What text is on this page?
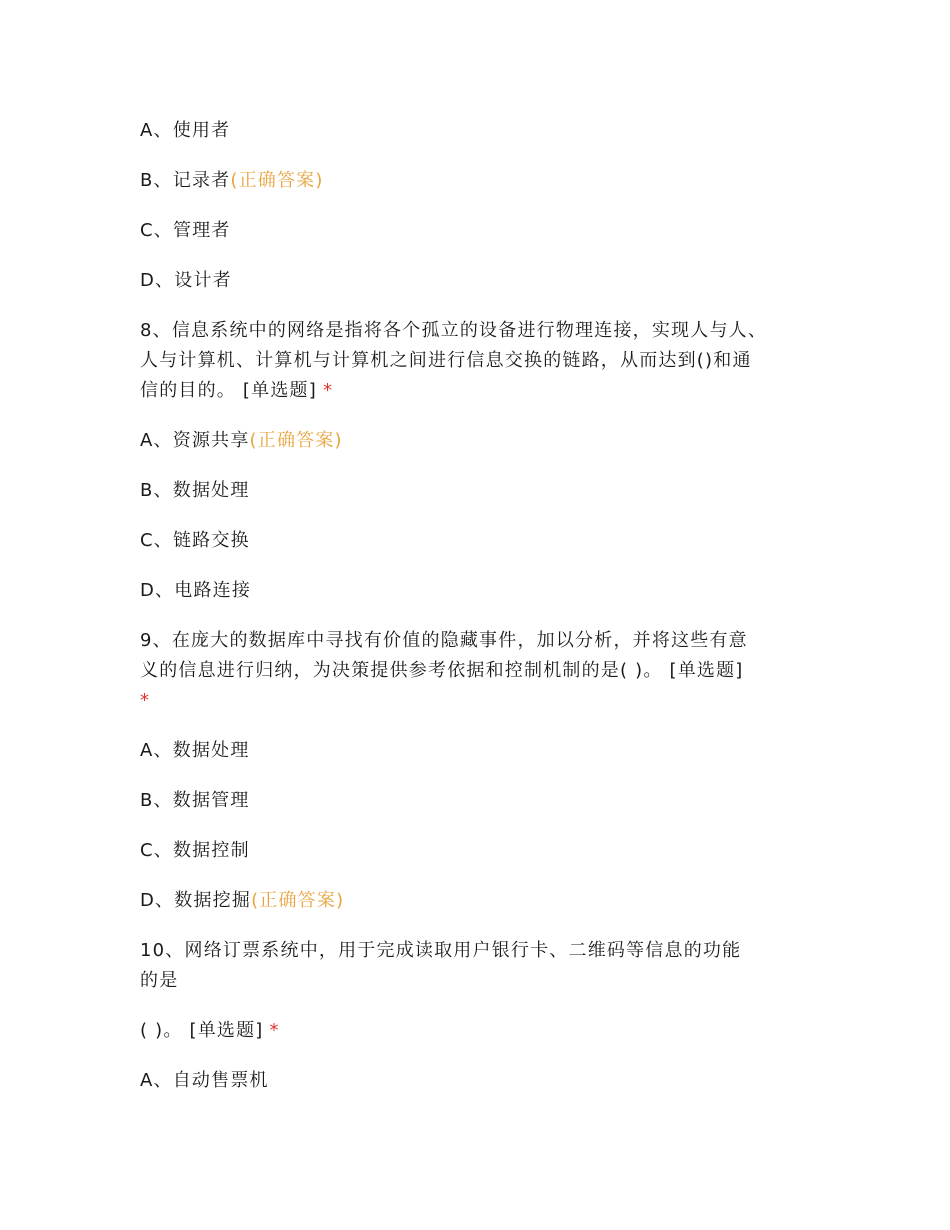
A、使用者
B、记录者(正确答案)
C、管理者
D、设计者
8、信息系统中的网络是指将各个孤立的设备进行物理连接，实现人与人、
人与计算机、计算机与计算机之间进行信息交换的链路，从而达到()和通
信的目的。 [单选题] *
A、资源共享(正确答案)
B、数据处理
C、链路交换
D、电路连接
9、在庞大的数据库中寻找有价值的隐藏事件，加以分析，并将这些有意
义的信息进行归纳，为决策提供参考依据和控制机制的是( )。 [单选题]
*
A、数据处理
B、数据管理
C、数据控制
D、数据挖掘(正确答案)
10、网络订票系统中，用于完成读取用户银行卡、二维码等信息的功能
的是
( )。 [单选题] *
A、自动售票机
